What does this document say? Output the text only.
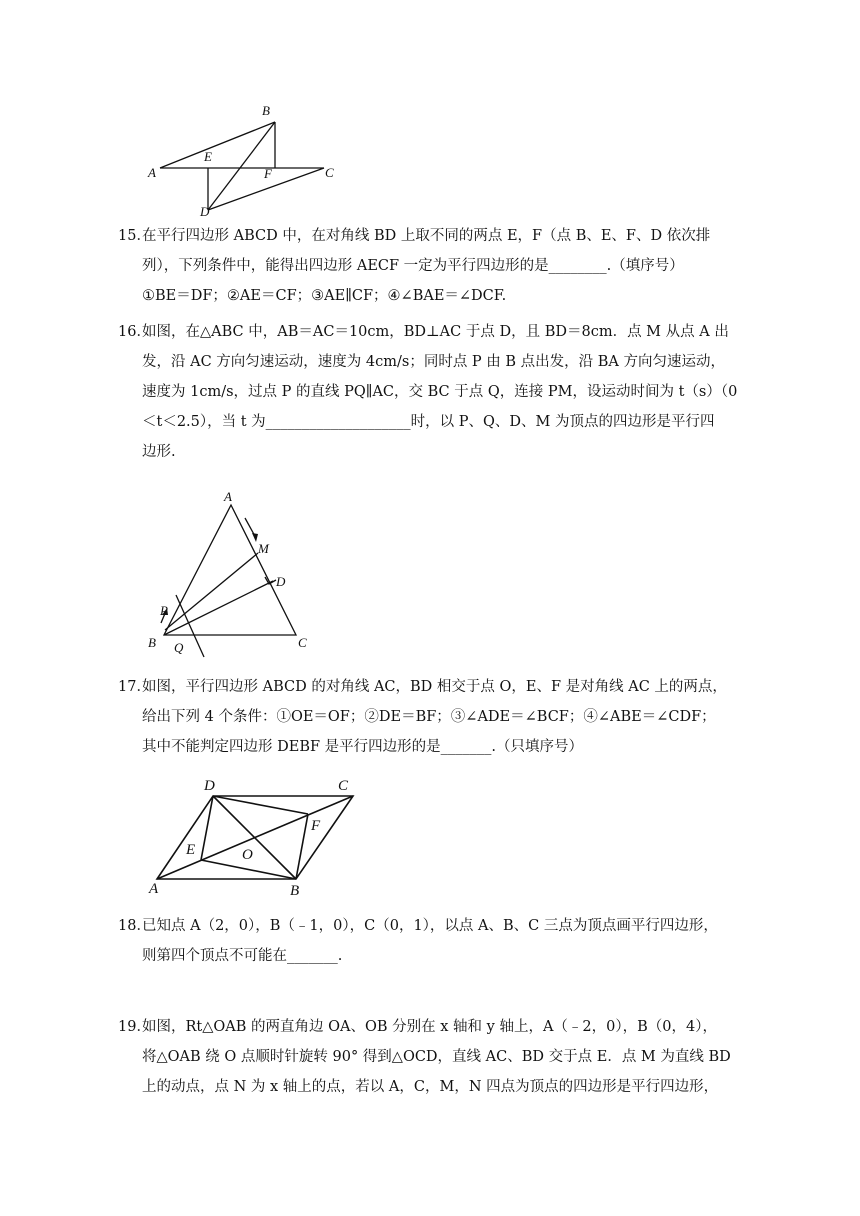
B
A
E
F	C
D
15．在平行四边形 ABCD 中，在对角线 BD 上取不同的两点 E，F（点 B、E、F、D 依次排
列），下列条件中，能得出四边形 AECF 一定为平行四边形的是________.（填序号）
①BE＝DF；②AE＝CF；③AE∥CF；④∠BAE＝∠DCF.
16．如图，在△ABC 中，AB＝AC＝10cm，BD⊥AC 于点 D，且 BD＝8cm．点 M 从点 A 出
发，沿 AC 方向匀速运动，速度为 4cm/s；同时点 P 由 B 点出发，沿 BA 方向匀速运动，
速度为 1cm/s，过点 P 的直线 PQ∥AC，交 BC 于点 Q，连接 PM，设运动时间为 t（s）（0
＜t＜2.5），当 t 为____________________时，以 P、Q、D、M 为顶点的四边形是平行四
边形.
A
M
D
P
B Q	C
17．如图，平行四边形 ABCD 的对角线 AC，BD 相交于点 O，E、F 是对角线 AC 上的两点，
给出下列 4 个条件：①OE＝OF；②DE＝BF；③∠ADE＝∠BCF；④∠ABE＝∠CDF；
其中不能判定四边形 DEBF 是平行四边形的是_______.（只填序号）
D	C
F
E	O
A	B
18．已知点 A（2，0），B（﹣1，0），C（0，1），以点 A、B、C 三点为顶点画平行四边形，
则第四个顶点不可能在_______.
19．如图，Rt△OAB 的两直角边 OA、OB 分别在 x 轴和 y 轴上，A（﹣2，0），B（0，4），
将△OAB 绕 O 点顺时针旋转 90° 得到△OCD，直线 AC、BD 交于点 E．点 M 为直线 BD
上的动点，点 N 为 x 轴上的点，若以 A，C，M，N 四点为顶点的四边形是平行四边形，
